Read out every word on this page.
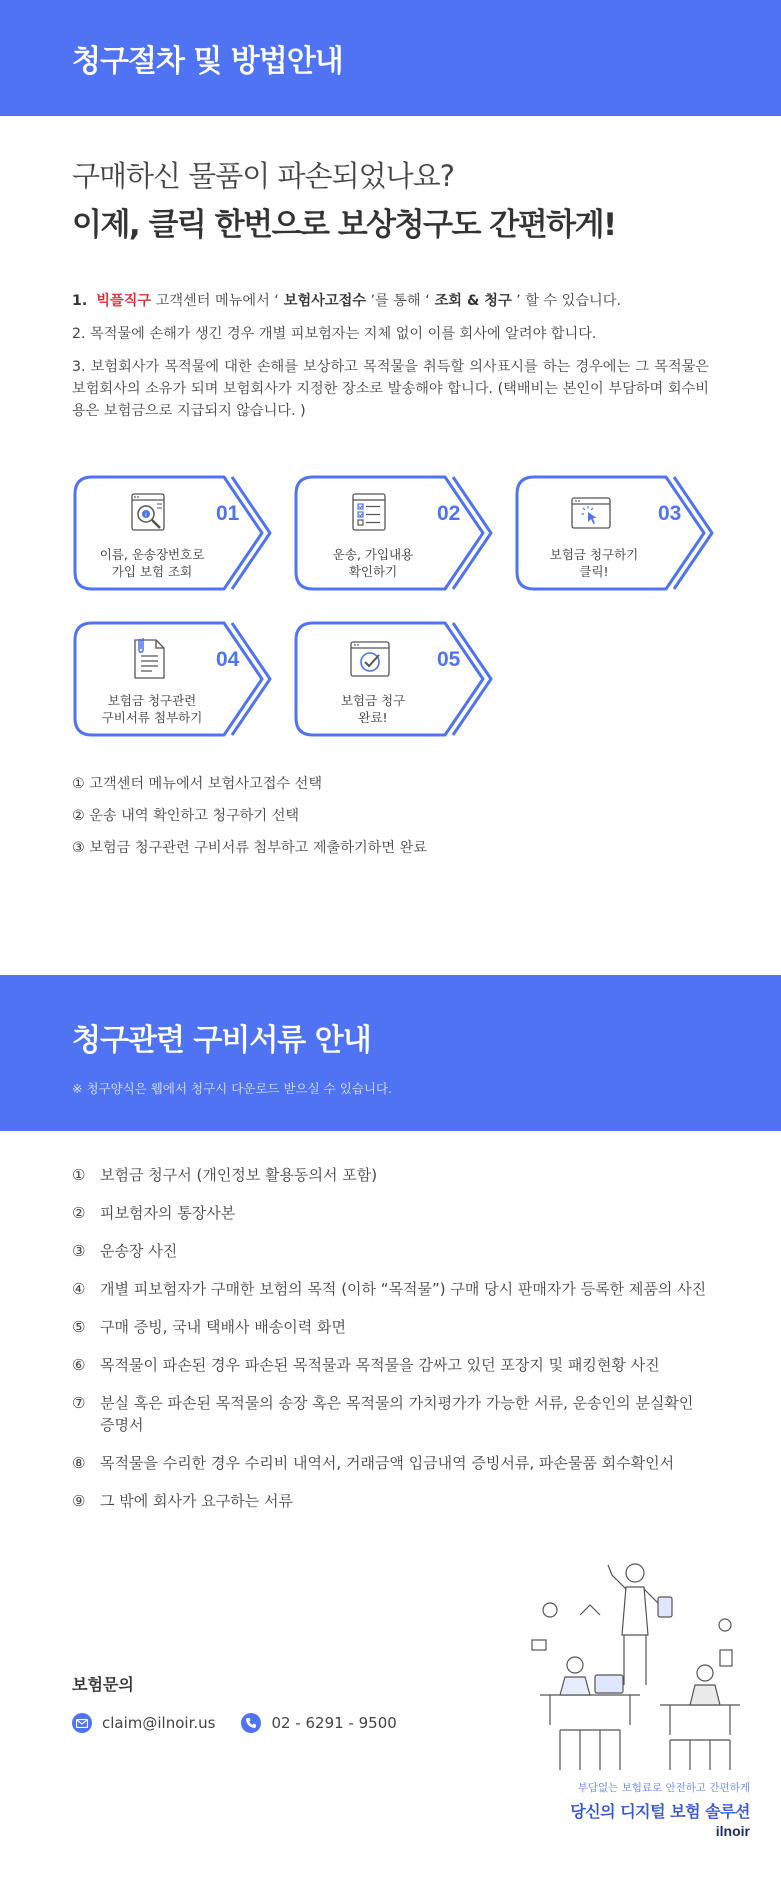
청구절차 및 방법안내
구매하신 물품이 파손되었나요?
이제, 클릭 한번으로 보상청구도 간편하게!

1. 빅플직구 고객센터 메뉴에서 ‘ 보험사고접수 ’를 통해 ‘ 조회 & 청구 ’ 할 수 있습니다.

2. 목적물에 손해가 생긴 경우 개별 피보험자는 지체 없이 이를 회사에 알려야 합니다.

3. 보험회사가 목적물에 대한 손해를 보상하고 목적물을 취득할 의사표시를 하는 경우에는 그 목적물은 보험회사의 소유가 되며 보험회사가 지정한 장소로 발송해야 합니다. (택배비는 본인이 부담하며 회수비용은 보험금으로 지급되지 않습니다. )

i	01
이름, 운송장번호로
가입 보험 조회
02
운송, 가입내용
확인하기
03
보험금 청구하기
클릭!
04
보험금 청구관련
구비서류 첨부하기
05
보험금 청구
완료!
① 고객센터 메뉴에서 보험사고접수 선택
② 운송 내역 확인하고 청구하기 선택
③ 보험금 청구관련 구비서류 첨부하고 제출하기하면 완료
청구관련 구비서류 안내
※ 청구양식은 웹에서 청구시 다운로드 받으실 수 있습니다.
① 보험금 청구서 (개인정보 활용동의서 포함)
② 피보험자의 통장사본
③ 운송장 사진
④ 개별 피보험자가 구매한 보험의 목적 (이하 “목적물”) 구매 당시 판매자가 등록한 제품의 사진
⑤ 구매 증빙, 국내 택배사 배송이력 화면
⑥ 목적물이 파손된 경우 파손된 목적물과 목적물을 감싸고 있던 포장지 및 패킹현황 사진
⑦ 분실 혹은 파손된 목적물의 송장 혹은 목적물의 가치평가가 가능한 서류, 운송인의 분실확인증명서
⑧ 목적물을 수리한 경우 수리비 내역서, 거래금액 입금내역 증빙서류, 파손물품 회수확인서
⑨ 그 밖에 회사가 요구하는 서류
보험문의
claim@ilnoir.us	02 - 6291 - 9500
부담없는 보험료로 안전하고 간편하게
당신의 디지털 보험 솔루션
ilnoir
